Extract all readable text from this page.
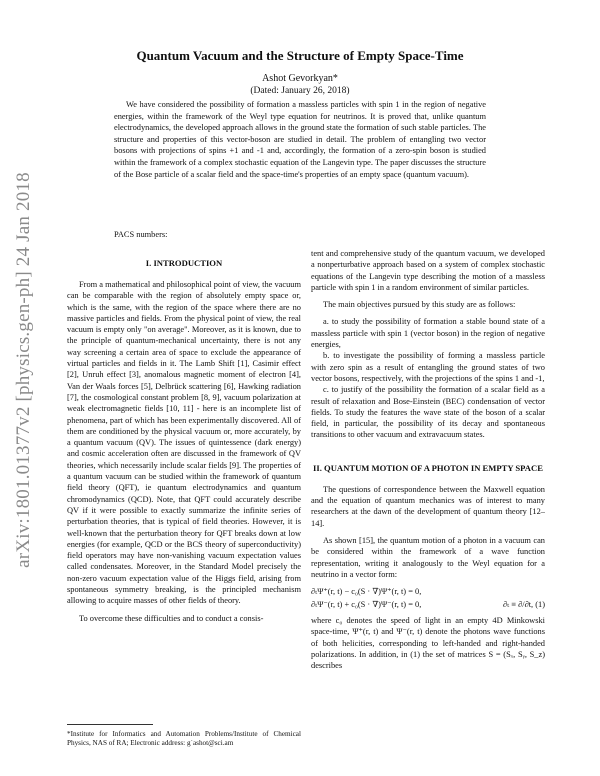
arXiv:1801.01377v2 [physics.gen-ph] 24 Jan 2018
Quantum Vacuum and the Structure of Empty Space-Time
Ashot Gevorkyan*
(Dated: January 26, 2018)
We have considered the possibility of formation a massless particles with spin 1 in the region of negative energies, within the framework of the Weyl type equation for neutrinos. It is proved that, unlike quantum electrodynamics, the developed approach allows in the ground state the formation of such stable particles. The structure and properties of this vector-boson are studied in detail. The problem of entangling two vector bosons with projections of spins +1 and -1 and, accordingly, the formation of a zero-spin boson is studied within the framework of a complex stochastic equation of the Langevin type. The paper discusses the structure of the Bose particle of a scalar field and the space-time's properties of an empty space (quantum vacuum).
PACS numbers:
I. INTRODUCTION

From a mathematical and philosophical point of view, the vacuum can be comparable with the region of absolutely empty space or, which is the same, with the region of the space where there are no massive particles and fields. From the physical point of view, the real vacuum is empty only "on average". Moreover, as it is known, due to the principle of quantum-mechanical uncertainty, there is not any way screening a certain area of space to exclude the appearance of virtual particles and fields in it. The Lamb Shift [1], Casimir effect [2], Unruh effect [3], anomalous magnetic moment of electron [4], Van der Waals forces [5], Delbrück scattering [6], Hawking radiation [7], the cosmological constant problem [8, 9], vacuum polarization at weak electromagnetic fields [10, 11] - here is an incomplete list of phenomena, part of which has been experimentally discovered. All of them are conditioned by the physical vacuum or, more accurately, by a quantum vacuum (QV). The issues of quintessence (dark energy) and cosmic acceleration often are discussed in the framework of QV theories, which necessarily include scalar fields [9]. The properties of a quantum vacuum can be studied within the framework of quantum field theory (QFT), ie quantum electrodynamics and quantum chromodynamics (QCD). Note, that QFT could accurately describe QV if it were possible to exactly summarize the infinite series of perturbation theories, that is typical of field theories. However, it is well-known that the perturbation theory for QFT breaks down at low energies (for example, QCD or the BCS theory of superconductivity) field operators may have non-vanishing vacuum expectation values called condensates. Moreover, in the Standard Model precisely the non-zero vacuum expectation value of the Higgs field, arising from spontaneous symmetry breaking, is the principled mechanism allowing to acquire masses of other fields of theory.

To overcome these difficulties and to conduct a consis-

tent and comprehensive study of the quantum vacuum, we developed a nonperturbative approach based on a system of complex stochastic equations of the Langevin type describing the motion of a massless particle with spin 1 in a random environment of similar particles.

The main objectives pursued by this study are as follows:

a. to study the possibility of formation a stable bound state of a massless particle with spin 1 (vector boson) in the region of negative energies,

b. to investigate the possibility of forming a massless particle with zero spin as a result of entangling the ground states of two vector bosons, respectively, with the projections of the spins 1 and -1,

c. to justify of the possibility the formation of a scalar field as a result of relaxation and Bose-Einstein (BEC) condensation of vector fields. To study the features the wave state of the boson of a scalar field, in particular, the possibility of its decay and spontaneous transitions to other vacuum and extravacuum states.

II. QUANTUM MOTION OF A PHOTON IN EMPTY SPACE

The questions of correspondence between the Maxwell equation and the equation of quantum mechanics was of interest to many researchers at the dawn of the development of quantum theory [12–14].

As shown [15], the quantum motion of a photon in a vacuum can be considered within the framework of a wave function representation, writing it analogously to the Weyl equation for a neutrino in a vector form:

∂ₜΨ⁺(r, t) − c₀(S · ∇)Ψ⁺(r, t) = 0,
∂ₜΨ⁻(r, t) + c₀(S · ∇)Ψ⁻(r, t) = 0,	∂ₜ ≡ ∂/∂t, (1)

where c₀ denotes the speed of light in an empty 4D Minkowski space-time, Ψ⁺(r, t) and Ψ⁻(r, t) denote the photons wave functions of both helicities, corresponding to left-handed and right-handed polarizations. In addition, in (1) the set of matrices S = (Sₓ, Sᵧ, S_z) describes

*Institute for Informatics and Automation Problems/Institute of Chemical Physics, NAS of RA; Electronic address: g˙ashot@sci.am
